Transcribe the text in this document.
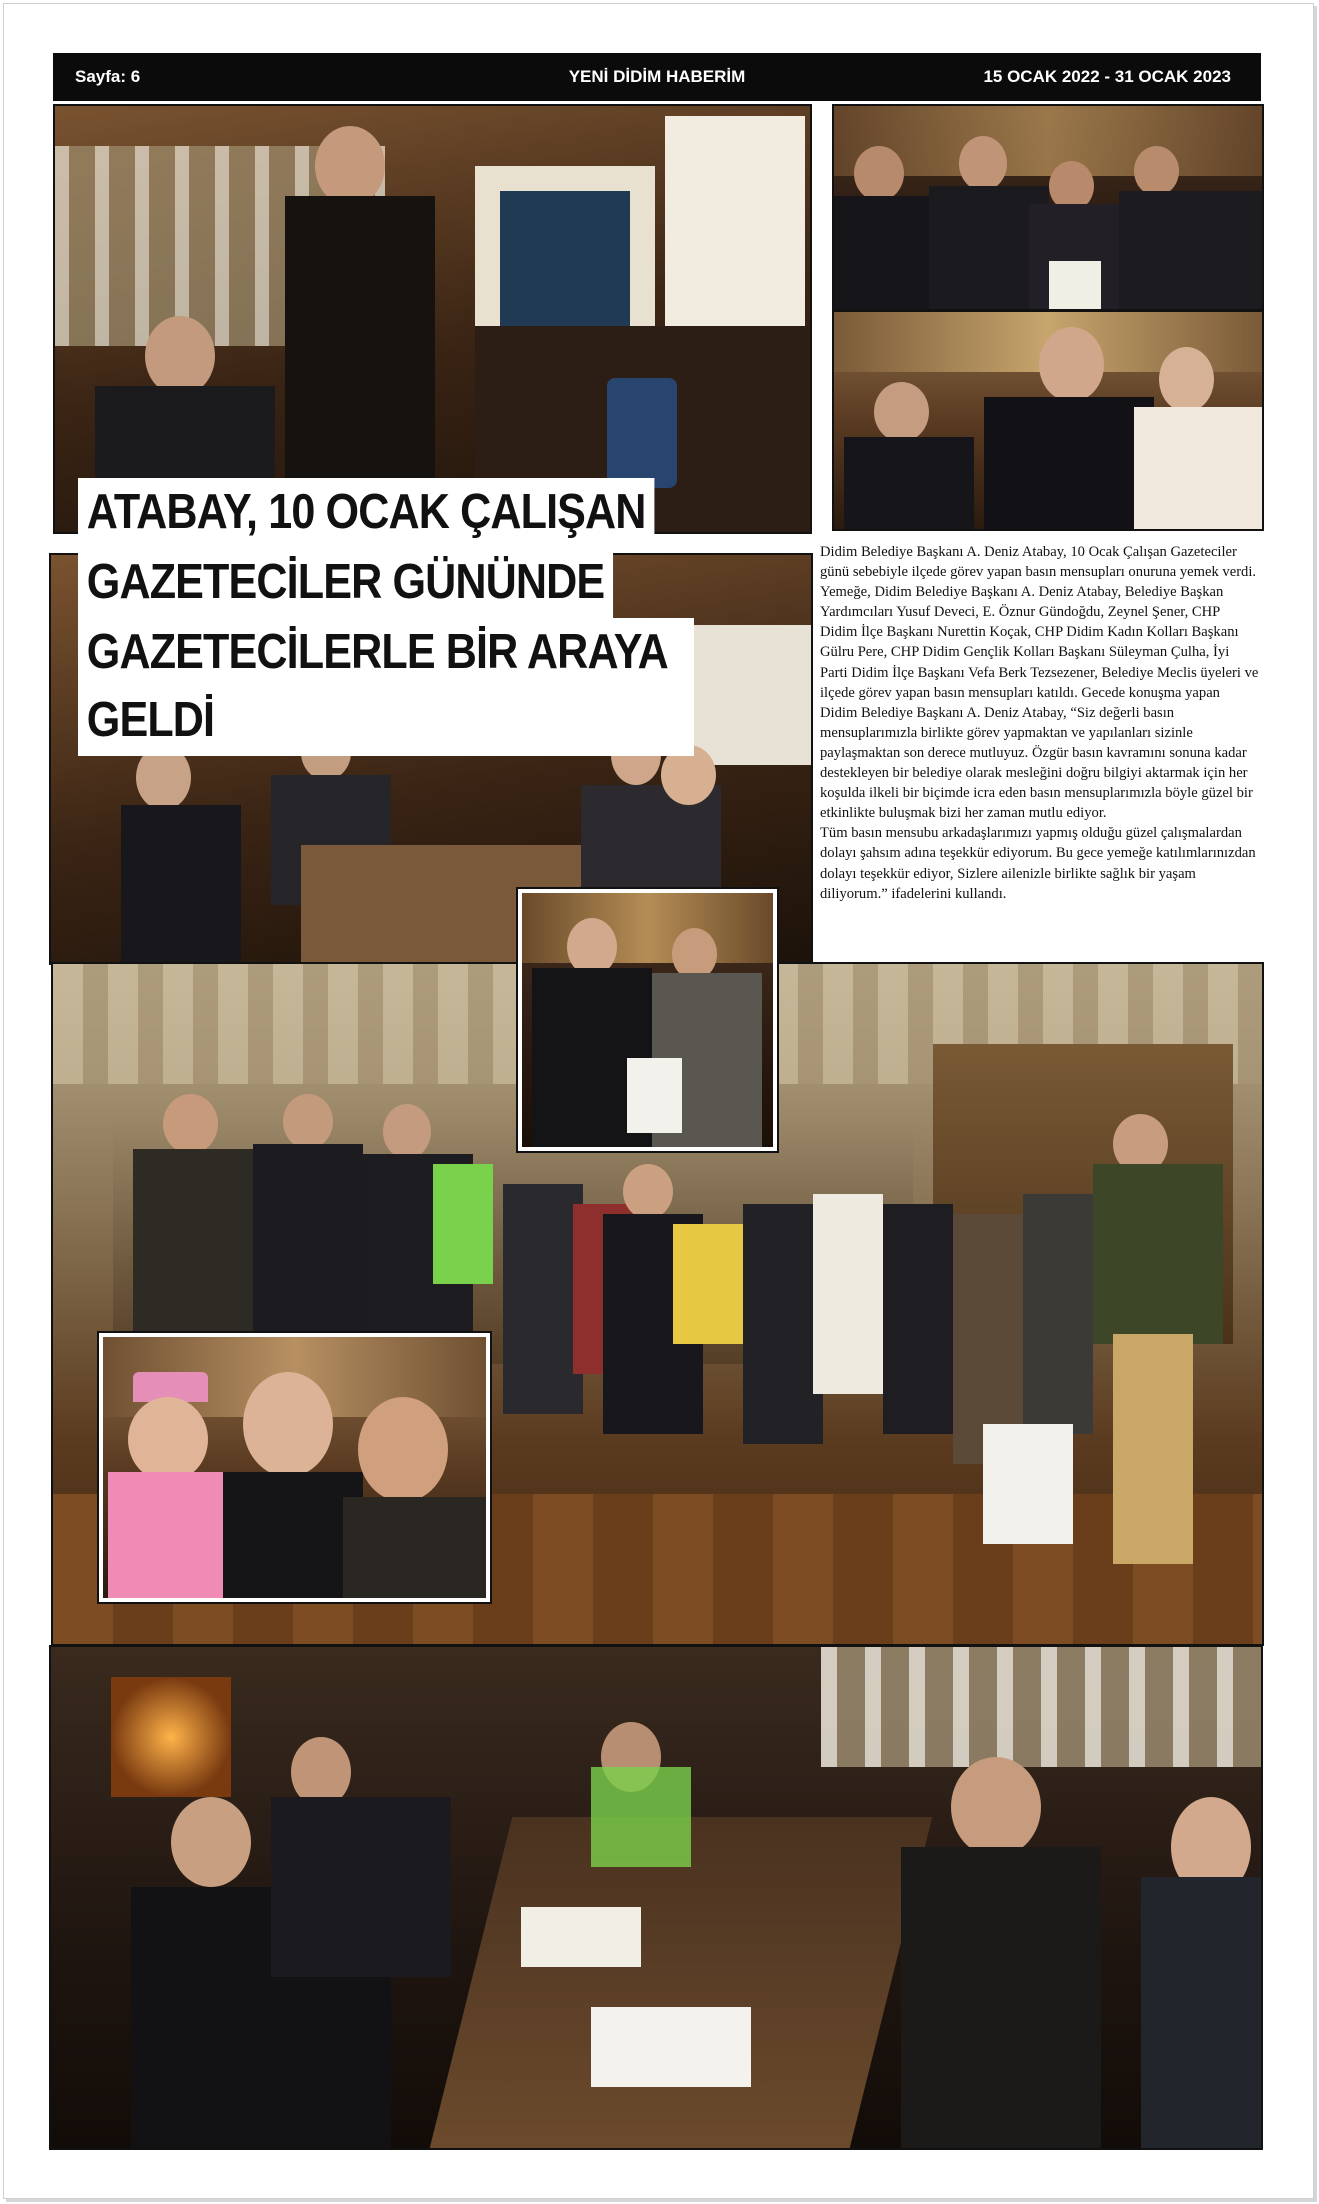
Sayfa: 6	YENİ DİDİM HABERİM	15 OCAK 2022 - 31 OCAK 2023
ATABAY, 10 OCAK ÇALIŞAN
GAZETECİLER GÜNÜNDE
GAZETECİLERLE BİR ARAYA GELDİ

Didim Belediye Başkanı A. Deniz Atabay, 10 Ocak Çalışan Gazeteciler günü sebebiyle ilçede görev yapan basın mensupları onuruna yemek verdi. Yemeğe, Didim Belediye Başkanı A. Deniz Atabay, Belediye Başkan Yardımcıları Yusuf Deveci, E. Öznur Gündoğdu, Zeynel Şener, CHP Didim İlçe Başkanı Nurettin Koçak, CHP Didim Kadın Kolları Başkanı Gülru Pere, CHP Didim Gençlik Kolları Başkanı Süleyman Çulha, İyi Parti Didim İlçe Başkanı Vefa Berk Tezsezener, Belediye Meclis üyeleri ve ilçede görev yapan basın mensupları katıldı. Gecede konuşma yapan Didim Belediye Başkanı A. Deniz Atabay, “Siz değerli basın mensuplarımızla birlikte görev yapmaktan ve yapılanları sizinle paylaşmaktan son derece mutluyuz. Özgür basın kavramını sonuna kadar destekleyen bir belediye olarak mesleğini doğru bilgiyi aktarmak için her koşulda ilkeli bir biçimde icra eden basın mensuplarımızla böyle güzel bir etkinlikte buluşmak bizi her zaman mutlu ediyor.

Tüm basın mensubu arkadaşlarımızı yapmış olduğu güzel çalışmalardan dolayı şahsım adına teşekkür ediyorum. Bu gece yemeğe katılımlarınızdan dolayı teşekkür ediyor, Sizlere ailenizle birlikte sağlık bir yaşam diliyorum.” ifadelerini kullandı.
